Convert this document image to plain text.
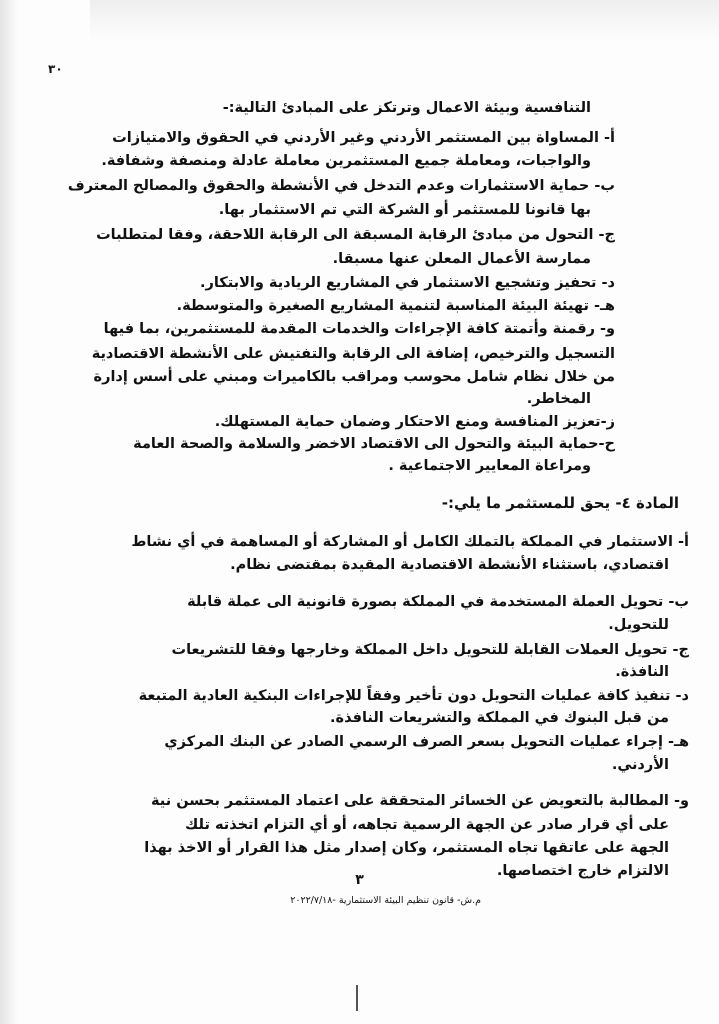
٣٠
التنافسية وبيئة الاعمال وترتكز على المبادئ التالية:-
أ- المساواة بين المستثمر الأردني وغير الأردني في الحقوق والامتيازات
والواجبات، ومعاملة جميع المستثمرين معاملة عادلة ومنصفة وشفافة.
ب- حماية الاستثمارات وعدم التدخل في الأنشطة والحقوق والمصالح المعترف
بها قانونا للمستثمر أو الشركة التي تم الاستثمار بها.
ج- التحول من مبادئ الرقابة المسبقة الى الرقابة اللاحقة، وفقا لمتطلبات
ممارسة الأعمال المعلن عنها مسبقا.
د- تحفيز وتشجيع الاستثمار في المشاريع الريادية والابتكار.
هـ- تهيئة البيئة المناسبة لتنمية المشاريع الصغيرة والمتوسطة.
و- رقمنة وأتمتة كافة الإجراءات والخدمات المقدمة للمستثمرين، بما فيها
التسجيل والترخيص، إضافة الى الرقابة والتفتيش على الأنشطة الاقتصادية
من خلال نظام شامل محوسب ومراقب بالكاميرات ومبني على أسس إدارة
المخاطر.
ز-تعزيز المنافسة ومنع الاحتكار وضمان حماية المستهلك.
ح-حماية البيئة والتحول الى الاقتصاد الاخضر والسلامة والصحة العامة
ومراعاة المعايير الاجتماعية .
المادة ٤- يحق للمستثمر ما يلي:-
أ- الاستثمار في المملكة بالتملك الكامل أو المشاركة أو المساهمة في أي نشاط
اقتصادي، باستثناء الأنشطة الاقتصادية المقيدة بمقتضى نظام.
ب- تحويل العملة المستخدمة في المملكة بصورة قانونية الى عملة قابلة
للتحويل.
ج- تحويل العملات القابلة للتحويل داخل المملكة وخارجها وفقا للتشريعات
النافذة.
د- تنفيذ كافة عمليات التحويل دون تأخير وفقاً للإجراءات البنكية العادية المتبعة
من قبل البنوك في المملكة والتشريعات النافذة.
هـ- إجراء عمليات التحويل بسعر الصرف الرسمي الصادر عن البنك المركزي
الأردني.
و- المطالبة بالتعويض عن الخسائر المتحققة على اعتماد المستثمر بحسن نية
على أي قرار صادر عن الجهة الرسمية تجاهه، أو أي التزام اتخذته تلك
الجهة على عاتقها تجاه المستثمر، وكان إصدار مثل هذا القرار أو الاخذ بهذا
الالتزام خارج اختصاصها.
٣
م.ش- قانون تنظيم البيئة الاستثمارية -٢٠٢٢/٧/١٨
